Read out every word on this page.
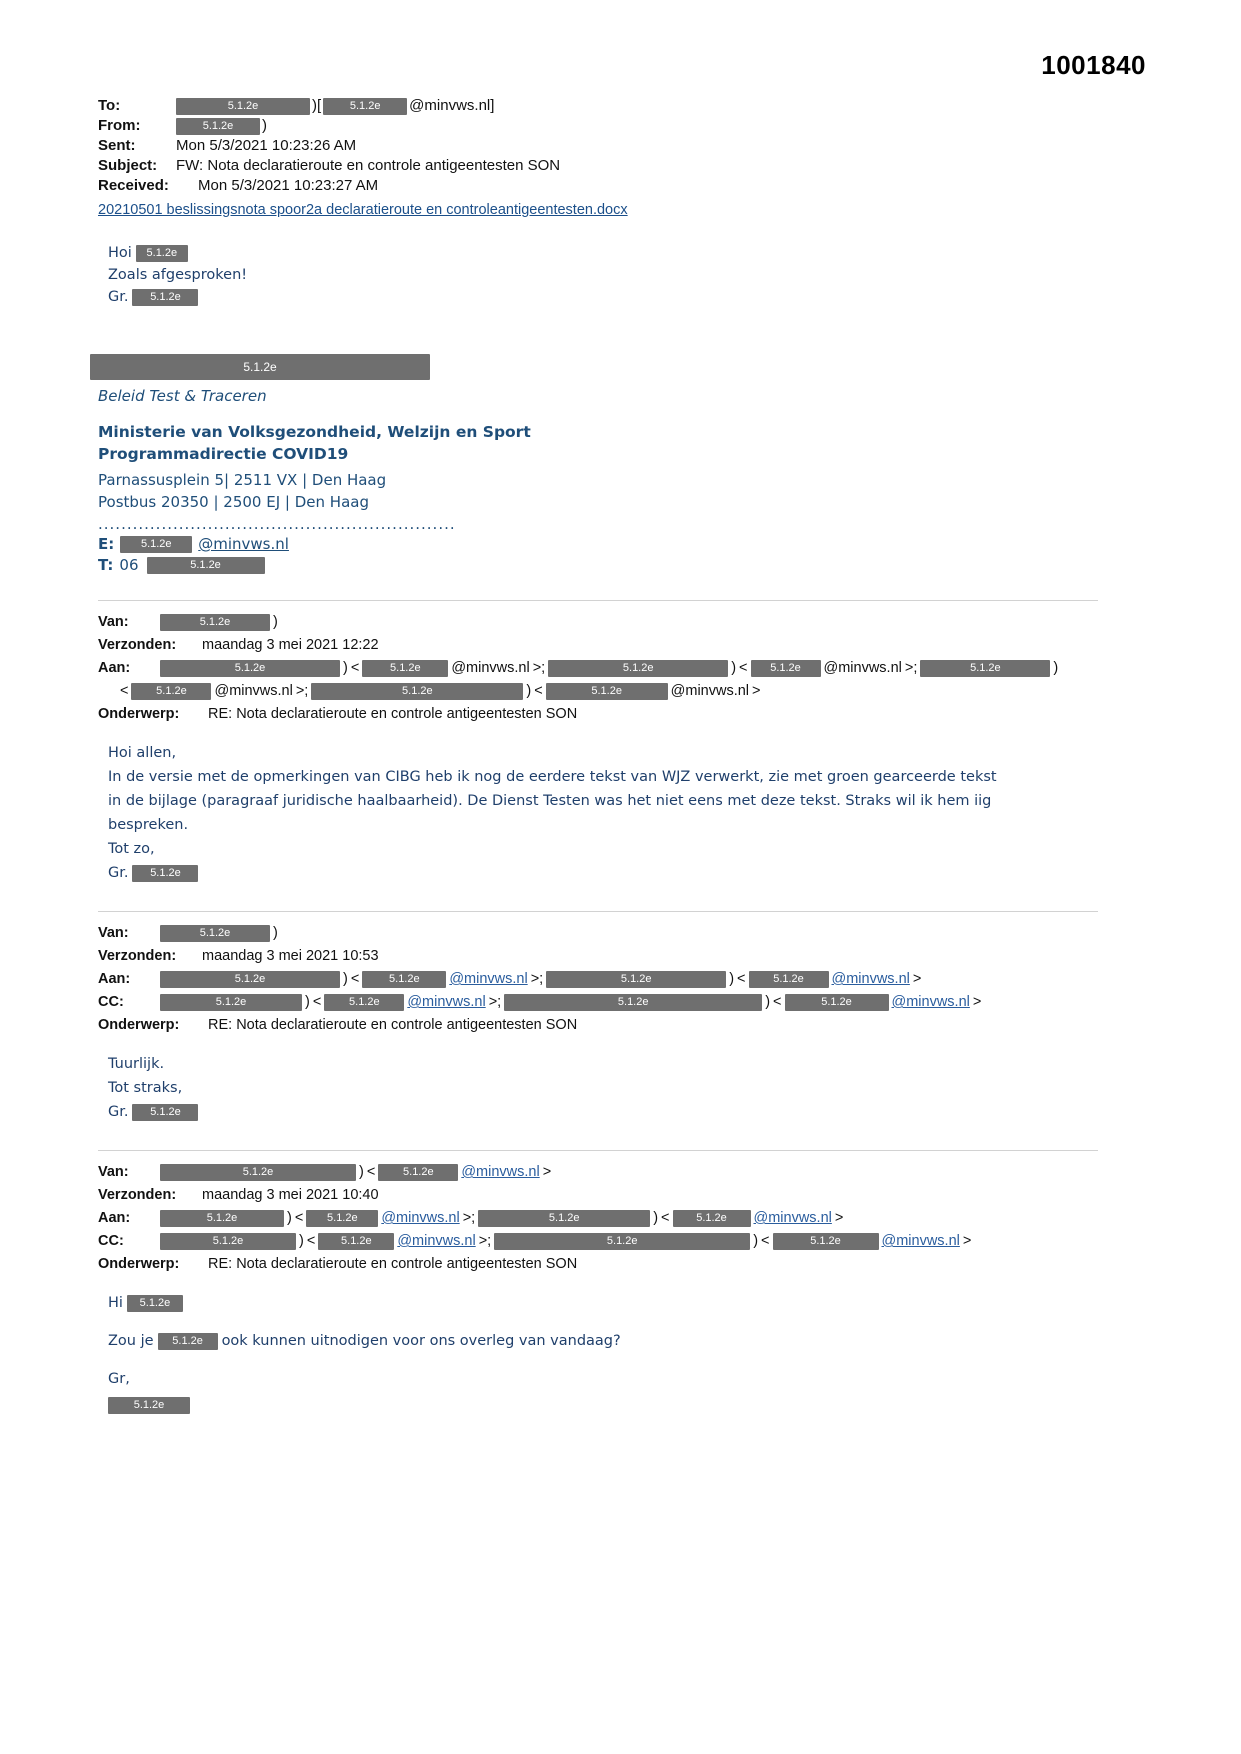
1001840
To:	5.1.2e	)[	5.1.2e	@minvws.nl]
From:	5.1.2e	)
Sent:	Mon 5/3/2021 10:23:26 AM
Subject:	FW: Nota declaratieroute en controle antigeentesten SON
Received:	Mon 5/3/2021 10:23:27 AM
20210501 beslissingsnota spoor2a declaratieroute en controleantigeentesten.docx
Hoi	5.1.2e
Zoals afgesproken!
Gr.	5.1.2e
5.1.2e
Beleid Test & Traceren
Ministerie van Volksgezondheid, Welzijn en Sport
Programmadirectie COVID19
Parnassusplein 5| 2511 VX | Den Haag
Postbus 20350 | 2500 EJ | Den Haag
..............................................................
E:	5.1.2e	@minvws.nl
T: 06	5.1.2e
Van:	5.1.2e	)
Verzonden:	maandag 3 mei 2021 12:22
Aan:	5.1.2e	) <	5.1.2e	@minvws.nl >;	5.1.2e	) <	5.1.2e	@minvws.nl >;	5.1.2e	)

<	5.1.2e	@minvws.nl >;	5.1.2e	) <	5.1.2e	@minvws.nl >
Onderwerp:	RE: Nota declaratieroute en controle antigeentesten SON

Hoi allen,

In de versie met de opmerkingen van CIBG heb ik nog de eerdere tekst van WJZ verwerkt, zie met groen gearceerde tekst in de bijlage (paragraaf juridische haalbaarheid). De Dienst Testen was het niet eens met deze tekst. Straks wil ik hem iig bespreken.

Tot zo,

Gr.	5.1.2e

Van:	5.1.2e	)
Verzonden:	maandag 3 mei 2021 10:53
Aan:	5.1.2e	) <	5.1.2e	@minvws.nl >;	5.1.2e	) <	5.1.2e	@minvws.nl >
CC:	5.1.2e	) <	5.1.2e	@minvws.nl >;	5.1.2e	) <	5.1.2e	@minvws.nl >
Onderwerp:	RE: Nota declaratieroute en controle antigeentesten SON

Tuurlijk.

Tot straks,

Gr.	5.1.2e

Van:	5.1.2e	) <	5.1.2e	@minvws.nl >
Verzonden:	maandag 3 mei 2021 10:40
Aan:	5.1.2e	) <	5.1.2e	@minvws.nl >;	5.1.2e	) <	5.1.2e	@minvws.nl >
CC:	5.1.2e	) <	5.1.2e	@minvws.nl >;	5.1.2e	) <	5.1.2e	@minvws.nl >
Onderwerp:	RE: Nota declaratieroute en controle antigeentesten SON

Hi	5.1.2e

Zou je	5.1.2e	ook kunnen uitnodigen voor ons overleg van vandaag?

Gr,

5.1.2e
